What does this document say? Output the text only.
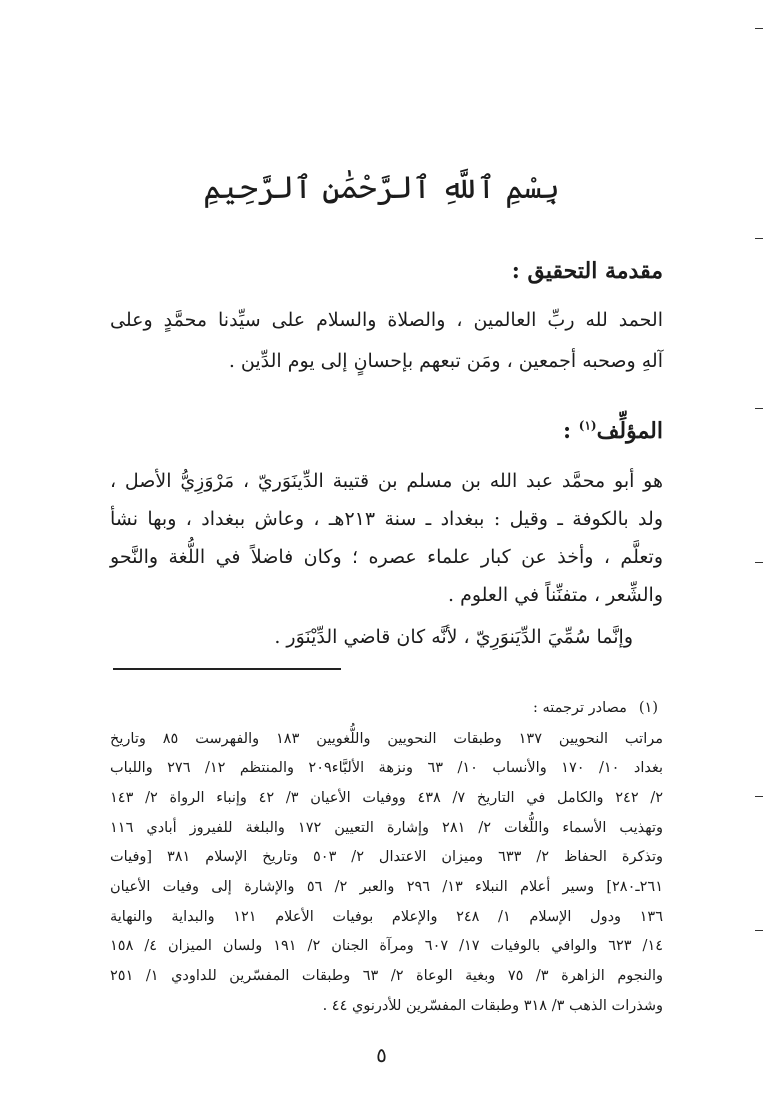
بِسْمِ ٱللَّهِ ٱلرَّحْمَٰنِ ٱلرَّحِيمِ
مقدمة التحقيق :
الحمد لله ربِّ العالمين ، والصلاة والسلام على سيِّدنا محمَّدٍ وعلى
آلهِ وصحبه أجمعين ، ومَن تبعهم بإحسانٍ إلى يوم الدِّين .
المؤلِّف$^{(١)}$ :
هو أبو محمَّد عبد الله بن مسلم بن قتيبة الدِّينَوَريّ ، مَرْوَزِيُّ الأصل ،
ولد بالكوفة ـ وقيل : ببغداد ـ سنة ٢١٣هـ ، وعاش ببغداد ، وبها نشأ
وتعلَّم ، وأخذ عن كبار علماء عصره ؛ وكان فاضلاً في اللُّغة والنَّحو
والشِّعر ، متفنِّناً في العلوم .
وإنَّما سُمِّيَ الدِّيَنوَرِيّ ، لأنَّه كان قاضي الدِّيْنَوَر .
(١)مصادر ترجمته :
مراتب النحويين ١٣٧ وطبقات النحويين واللُّغويين ١٨٣ والفهرست ٨٥ وتاريخ
بغداد ١٠/ ١٧٠ والأنساب ١٠/ ٦٣ ونزهة الألبَّاء٢٠٩ والمنتظم ١٢/ ٢٧٦ واللباب
٢/ ٢٤٢ والكامل في التاريخ ٧/ ٤٣٨ ووفيات الأعيان ٣/ ٤٢ وإنباء الرواة ٢/ ١٤٣
وتهذيب الأسماء واللُّغات ٢/ ٢٨١ وإشارة التعيين ١٧٢ والبلغة للفيروز أبادي ١١٦
وتذكرة الحفاظ ٢/ ٦٣٣ وميزان الاعتدال ٢/ ٥٠٣ وتاريخ الإسلام ٣٨١ [وفيات
٢٦١ـ٢٨٠] وسير أعلام النبلاء ١٣/ ٢٩٦ والعبر ٢/ ٥٦ والإشارة إلى وفيات الأعيان
١٣٦ ودول الإسلام ١/ ٢٤٨ والإعلام بوفيات الأعلام ١٢١ والبداية والنهاية
١٤/ ٦٢٣ والوافي بالوفيات ١٧/ ٦٠٧ ومرآة الجنان ٢/ ١٩١ ولسان الميزان ٤/ ١٥٨
والنجوم الزاهرة ٣/ ٧٥ وبغية الوعاة ٢/ ٦٣ وطبقات المفسّرين للداودي ١/ ٢٥١
وشذرات الذهب ٣/ ٣١٨ وطبقات المفسّرين للأدرنوي ٤٤ .
٥
